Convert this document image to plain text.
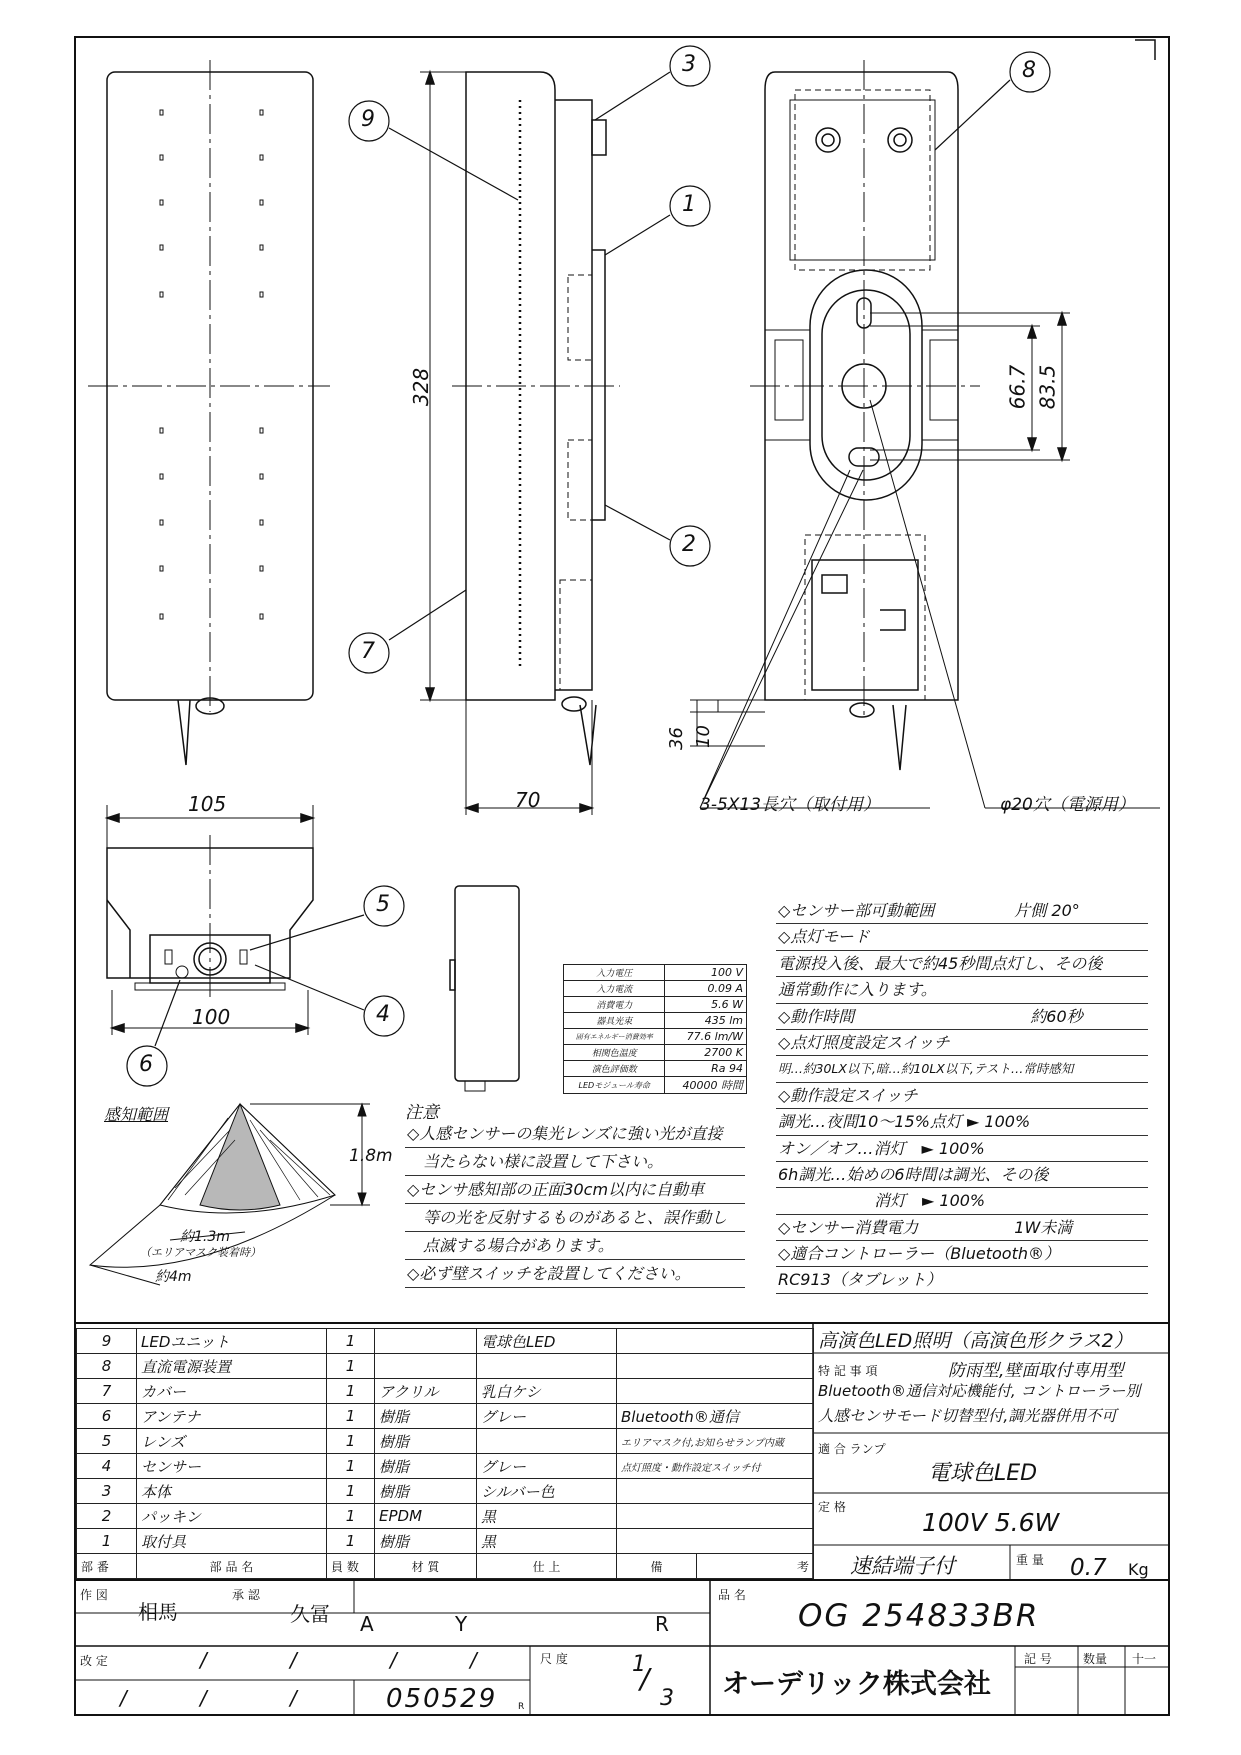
328
70
105
100
36 10
66.7 83.5
3-5X13長穴（取付用）	φ20穴（電源用）
感知範囲
1.8m
約1.3m
（エリアマスク装着時）
約4m
3
1
2
8
9
7
5
4
6
入力電圧	100 V
入力電流	0.09 A
消費電力	5.6 W
器具光束	435 lm
固有エネルギー消費効率	77.6 lm/W
相関色温度	2700 K
演色評価数	Ra 94
LEDモジュール寿命	40000 時間
注意
◇人感センサーの集光レンズに強い光が直接
　当たらない様に設置して下さい。
◇センサ感知部の正面30cm以内に自動車
　等の光を反射するものがあると、誤作動し
　点滅する場合があります。
◇必ず壁スイッチを設置してください。
◇センサー部可動範囲　　　　　片側 20°
◇点灯モード
電源投入後、最大で約45秒間点灯し、その後
通常動作に入ります。
◇動作時間　　　　　　　　　　　約60秒
◇点灯照度設定スイッチ
明…約30LX以下,暗…約10LX以下,テスト…常時感知
◇動作設定スイッチ
調光…夜間10～15%点灯 ► 100%
オン／オフ…消灯　► 100%
6h調光…始めの6時間は調光、その後
　　　　　　消灯　► 100%
◇センサー消費電力　　　　　　1W未満
◇適合コントローラー（Bluetooth®）
RC913（タブレット）
9	LEDユニット	1		電球色LED		
8	直流電源装置	1				
7	カバー	1	アクリル	乳白ケシ		
6	アンテナ	1	樹脂	グレー	Bluetooth®通信	
5	レンズ	1	樹脂		エリアマスク付,お知らせランプ内蔵	
4	センサー	1	樹脂	グレー	点灯照度・動作設定スイッチ付	
3	本体	1	樹脂	シルバー色		
2	パッキン	1	EPDM	黒		
1	取付具	1	樹脂	黒		
部 番	部 品 名	員 数	材 質	仕 上	備	考
高演色LED照明（高演色形クラス2）
特 記 事 項	防雨型,壁面取付専用型
Bluetooth®通信対応機能付, コントローラー別
人感センサモード切替型付,調光器併用不可
適 合 ランプ
電球色LED
定 格
100V 5.6W
速結端子付	重 量 0.7 Kg
作 図
相馬
承 認
久冨 A	Y	R
品 名
OG 254833BR
改 定	/	/	/	/
/	/	/
尺 度	1
/
3
050529 R
オーデリック株式会社
記 号	数量 十一
